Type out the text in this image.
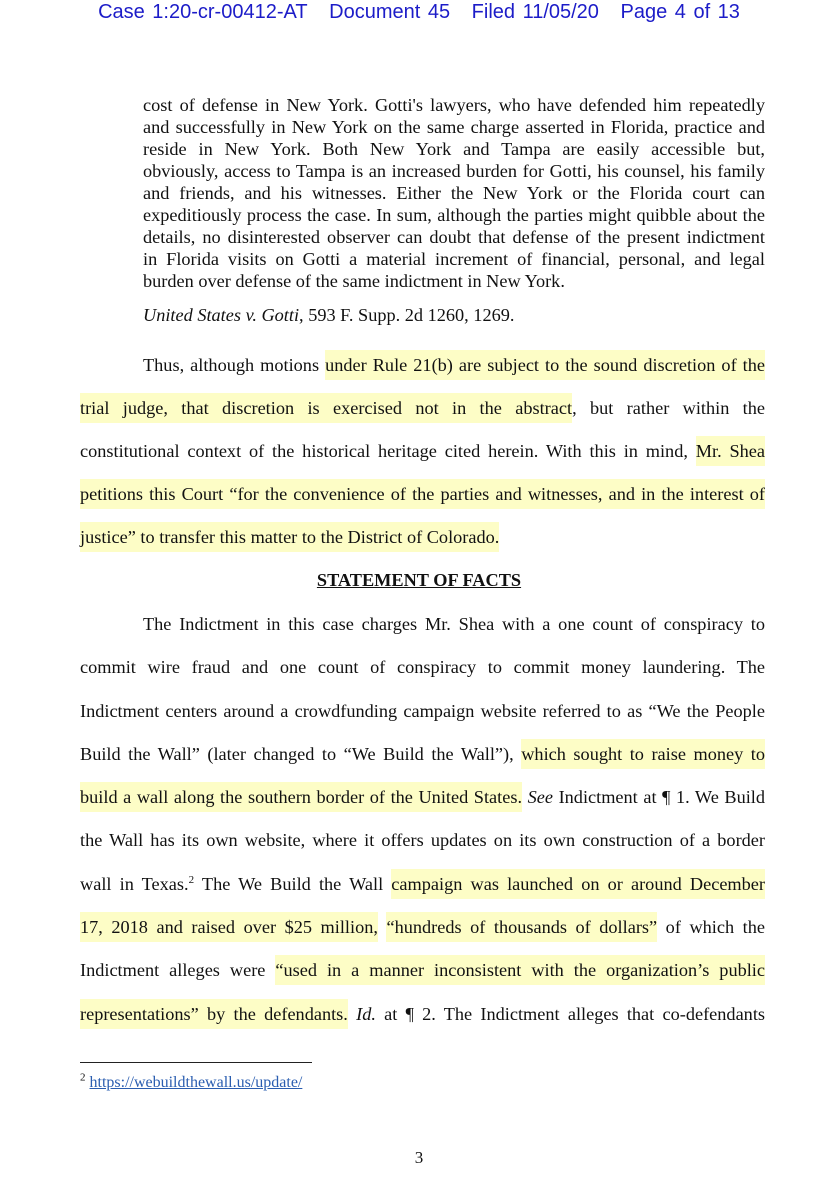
Case 1:20-cr-00412-AT Document 45 Filed 11/05/20 Page 4 of 13
cost of defense in New York. Gotti's lawyers, who have defended him repeatedly
and successfully in New York on the same charge asserted in Florida, practice and
reside in New York. Both New York and Tampa are easily accessible but,
obviously, access to Tampa is an increased burden for Gotti, his counsel, his family
and friends, and his witnesses. Either the New York or the Florida court can
expeditiously process the case. In sum, although the parties might quibble about the
details, no disinterested observer can doubt that defense of the present indictment
in Florida visits on Gotti a material increment of financial, personal, and legal
burden over defense of the same indictment in New York.
United States v. Gotti, 593 F. Supp. 2d 1260, 1269.
Thus, although motions under Rule 21(b) are subject to the sound discretion of the
trial judge, that discretion is exercised not in the abstract, but rather within the
constitutional context of the historical heritage cited herein. With this in mind, Mr. Shea
petitions this Court “for the convenience of the parties and witnesses, and in the interest of
justice” to transfer this matter to the District of Colorado.
STATEMENT OF FACTS
The Indictment in this case charges Mr. Shea with a one count of conspiracy to
commit wire fraud and one count of conspiracy to commit money laundering. The
Indictment centers around a crowdfunding campaign website referred to as “We the People
Build the Wall” (later changed to “We Build the Wall”), which sought to raise money to
build a wall along the southern border of the United States. See Indictment at ¶ 1. We Build
the Wall has its own website, where it offers updates on its own construction of a border
wall in Texas.$^2$ The We Build the Wall campaign was launched on or around December
17, 2018 and raised over $25 million, “hundreds of thousands of dollars” of which the
Indictment alleges were “used in a manner inconsistent with the organization’s public
representations” by the defendants. Id. at ¶ 2. The Indictment alleges that co-defendants
$^2$ https://webuildthewall.us/update/
3
